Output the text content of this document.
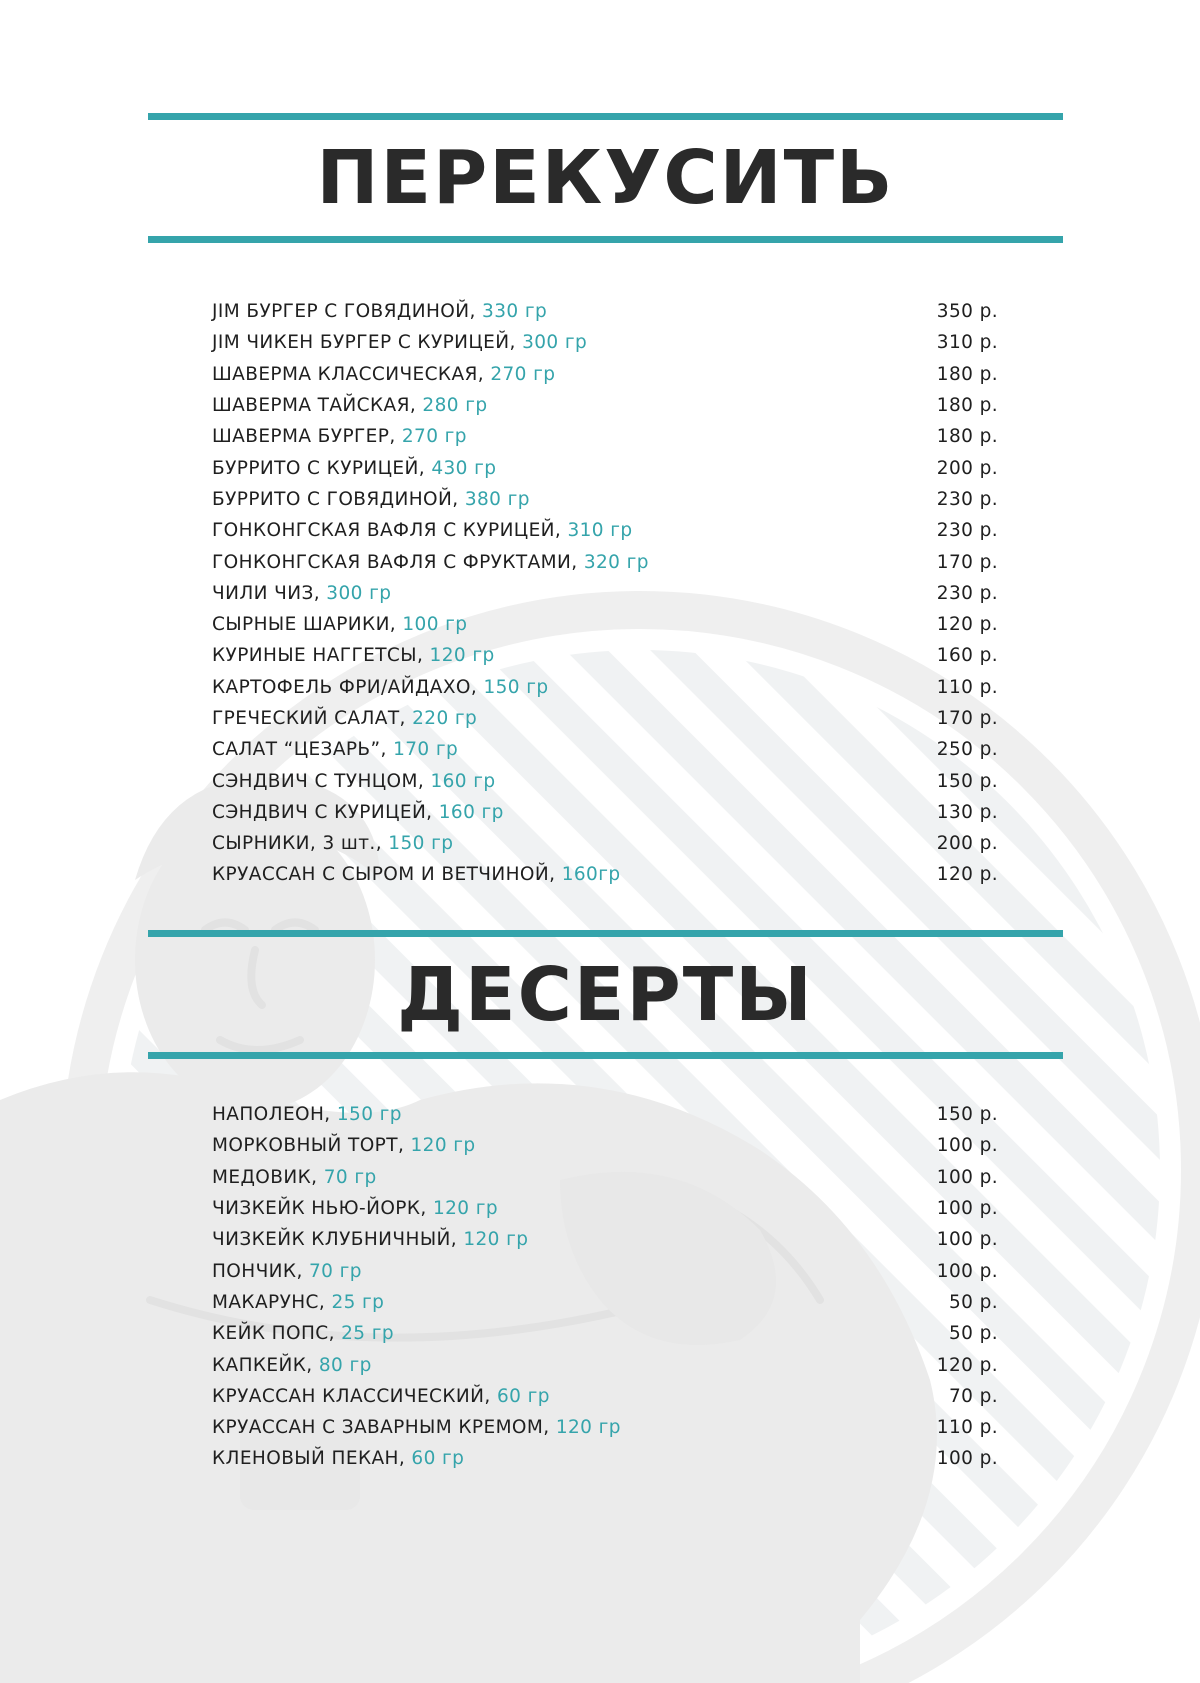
ПЕРЕКУСИТЬ
JIM БУРГЕР С ГОВЯДИНОЙ, 330 гр	350 р.
JIM ЧИКЕН БУРГЕР С КУРИЦЕЙ, 300 гр	310 р.
ШАВЕРМА КЛАССИЧЕСКАЯ, 270 гр	180 р.
ШАВЕРМА ТАЙСКАЯ, 280 гр	180 р.
ШАВЕРМА БУРГЕР, 270 гр	180 р.
БУРРИТО С КУРИЦЕЙ, 430 гр	200 р.
БУРРИТО С ГОВЯДИНОЙ, 380 гр	230 р.
ГОНКОНГСКАЯ ВАФЛЯ С КУРИЦЕЙ, 310 гр	230 р.
ГОНКОНГСКАЯ ВАФЛЯ С ФРУКТАМИ, 320 гр	170 р.
ЧИЛИ ЧИЗ, 300 гр	230 р.
СЫРНЫЕ ШАРИКИ, 100 гр	120 р.
КУРИНЫЕ НАГГЕТСЫ, 120 гр	160 р.
КАРТОФЕЛЬ ФРИ/АЙДАХО, 150 гр	110 р.
ГРЕЧЕСКИЙ САЛАТ, 220 гр	170 р.
САЛАТ “ЦЕЗАРЬ”, 170 гр	250 р.
СЭНДВИЧ С ТУНЦОМ, 160 гр	150 р.
СЭНДВИЧ С КУРИЦЕЙ, 160 гр	130 р.
СЫРНИКИ, 3 шт., 150 гр	200 р.
КРУАССАН С СЫРОМ И ВЕТЧИНОЙ, 160гр	120 р.
ДЕСЕРТЫ
НАПОЛЕОН, 150 гр	150 р.
МОРКОВНЫЙ ТОРТ, 120 гр	100 р.
МЕДОВИК, 70 гр	100 р.
ЧИЗКЕЙК НЬЮ-ЙОРК, 120 гр	100 р.
ЧИЗКЕЙК КЛУБНИЧНЫЙ, 120 гр	100 р.
ПОНЧИК, 70 гр	100 р.
МАКАРУНС, 25 гр	50 р.
КЕЙК ПОПС, 25 гр	50 р.
КАПКЕЙК, 80 гр	120 р.
КРУАССАН КЛАССИЧЕСКИЙ, 60 гр	70 р.
КРУАССАН С ЗАВАРНЫМ КРЕМОМ, 120 гр	110 р.
КЛЕНОВЫЙ ПЕКАН, 60 гр	100 р.
